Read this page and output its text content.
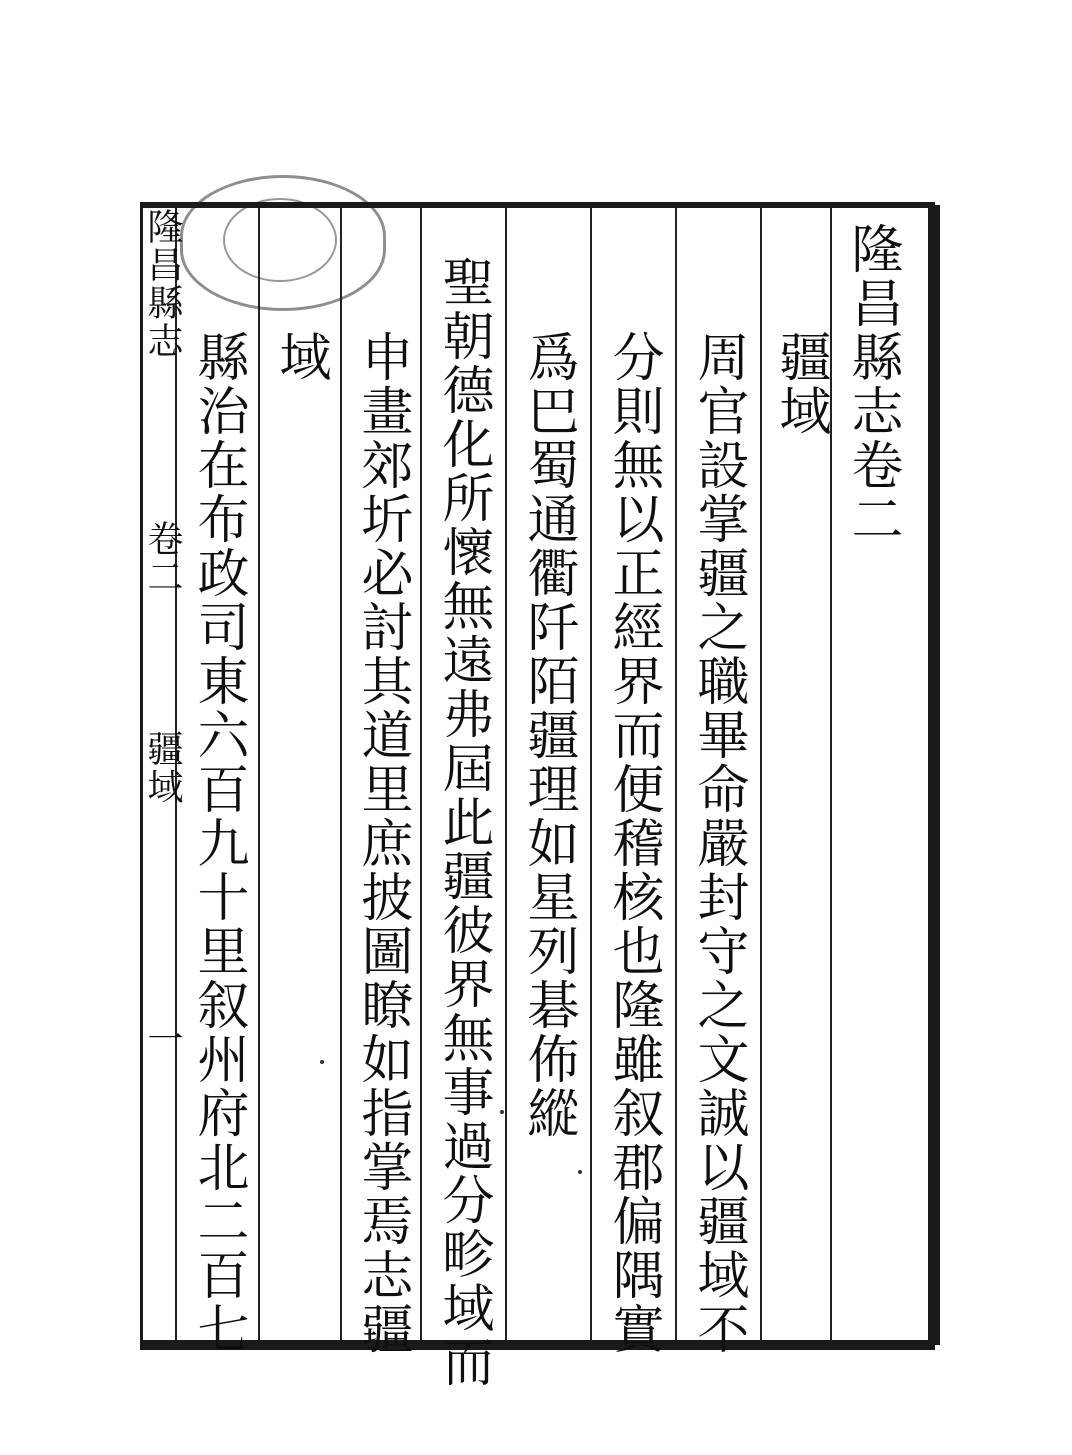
隆昌縣志卷二
疆域
周官設掌疆之職畢命嚴封守之文誠以疆域不
分則無以正經界而便稽核也隆雖叙郡偏隅實
爲巴蜀通衢阡陌疆理如星列碁佈縱
聖朝德化所懷無遠弗屆此疆彼界無事過分畛域而
申畫郊圻必討其道里庶披圖瞭如指掌焉志疆
域
縣治在布政司東六百九十里叙州府北二百七
隆昌縣志
卷二
疆域
一
